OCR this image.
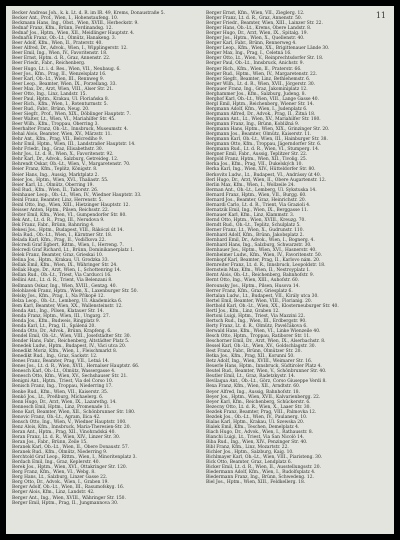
11
Becker Andreas Joh., k. k. Lt. d. R. im IR. 49, Krems, Donaustraße 5.
Becker Ant., Prof., Wien, I., Hohenstaufeng. 10.
Beckmann Hans, Ing., Obst., Wien, XVIII., Herbeckstr. 9.
Bednař Franz, Kfm., Brünn, Ferdinandsg. 12.
Bednař Jos., Hptm., Wien, XII., Meidlinger Hauptstr. 4.
Bednařík Franz, Ob.-Lt., Olmütz, Hanakeng. 3.
Beer Adolf, Kfm., Wien, II., Praterstr. 40.
Beer Alfred, Dr., Advok., Wien, I., Wipplingerstr. 12.
Beer Emil, Ing., Wien, IV., Favoritenstr. 18.
Beer Ernst, Hptm. d. R., Graz, Annenstr. 22.
Beer Friedr., Fabr., Reichenberg.
Beer Hugo, Lt. i. d. Res., Wien, VII., Neubaug. 6.
Beer Jos., Kfm., Prag, II., Wenzelsplatz 16.
Beer Karl, Ob.-Lt., Wien, III., Rennweg 9.
Beer Leop., Beamter, Wien, IX., Porzellang. 33.
Beer Max, Dr., Arzt, Wien, VIII., Alser Str. 21.
Beer Otto, Ing., Linz, Landstr. 15.
Beer Paul, Hptm., Krakau, Ul. Floriańska 8.
Beer Rich., Kfm., Wien, I., Rotenturmstr. 5.
Beer Rud., Fabr., Brünn, Neug. 20.
Beer Siegfr., Prof., Wien, XIX., Döblinger Hauptstr. 7.
Beer Walter, Lt., Wien, VI., Mariahilfer Str. 45.
Beer Wilh., Kfm., Troppau, Oberring 3.
Beerhalter Franz, Ob.-Lt., Innsbruck, Museumstr. 4.
Behal Alois, Beamter, Wien, XV., Märzstr. 11.
Behr Ant., Kfm., Prag, VII., Belcrediho 9.
Behr Emil, Hptm., Wien, III., Landstraßer Hauptstr. 14.
Behr Friedr., Ing., Graz, Elisabethstr. 30.
Behr Jos., Lt. d. R., Wien, X., Favoritenstr. 92.
Behr Karl, Dr., Advok., Salzburg, Getreideg. 12.
Behrendt Oskar, Ob.-Lt., Wien, V., Margaretenstr. 70.
Beier Franz, Kfm., Teplitz, Königstr. 8.
Beier Hans, Ing., Aussig, Marktplatz 2.
Beier Jos., Hptm., Wien, XVI., Thaliastr. 55.
Beier Karl, Lt., Olmütz, Oberring 19.
Beil Rud., Kfm., Wien, II., Taborstr. 26.
Beinhauer Leop., Ob.-Lt., Wien, IV., Wiedner Hauptstr. 33.
Beinl Franz, Beamter, Linz, Herrenstr. 5.
Beinl Otto, Ing., Wien, XIII., Hietzinger Hauptstr. 12.
Beisser Anton, Hptm., Pilsen, Reichsstr. 22.
Beiter Emil, Kfm., Wien, VI., Gumpendorfer Str. 80.
Bek Ant., Lt. d. R., Prag, III., Nerudova 9.
Bek Franz, Fabr., Brünn, Bahnring 4.
Bekesi Jos., Hptm., Budapest, VIII., Rákóczi út 14.
Bela Rud., Ob.-Lt., Wien, I., Kärntner Str. 18.
Belada Karl, Kfm., Prag, II., Vodičkova 22.
Belcredi Graf Egbert, Rittm., Wien, I., Herreng. 7.
Belcredi Graf Richard, Lt., Brünn, Dominikanerplatz 1.
Belek Franz, Beamter, Graz, Grieskai 10.
Belina Jos., Hptm., Krakau, Ul. Grodzka 33.
Bellak Emil, Kfm., Wien, IX., Währinger Str. 24.
Bellak Hugo, Dr., Arzt, Wien, I., Schottenring 14.
Bellan Rud., Ob.-Lt., Triest, Via Carducci 16.
Bellini Ant., Lt. d. R., Trient, Via Belenzani 8.
Bellmann Oskar, Ing., Wien, XVIII., Gentzg. 40.
Belohlavek Franz, Hptm., Wien, X., Laxenburger Str. 50.
Belsky Jos., Kfm., Prag, I., Na Příkopě 12.
Belza Leop., Ob.-Lt., Lemberg, Ul. Akademicka 6.
Bem Karl, Beamter, Wien, XX., Wallensteinstr. 12.
Benda Ant., Ing., Pilsen, Klatauer Str. 14.
Benda Franz, Hptm., Wien, III., Ungarg. 27.
Benda Jos., Kfm., Budweis, Ringplatz 9.
Benda Karl, Lt., Prag, II., Spálená 20.
Benda Otto, Dr., Advok., Brünn, Krapfeng. 6.
Bendel Emil, Ob.-Lt., Wien, VIII., Josefstädter Str. 30.
Bender Hans, Fabr., Reichenberg, Altstädter Platz 5.
Benedek Ludw., Hptm., Budapest, IV., Váci utca 20.
Benedikt Moriz, Kfm., Wien, I., Fleischmarkt 8.
Benedikt Rud., Ing., Graz, Sackstr. 12.
Benes Franz, Beamter, Prag, VII., Letná 14.
Benes Jos., Lt. d. R., Wien, XVII., Hernalser Hauptstr. 66.
Benesch Karl, Ob.-Lt., Olmütz, Wassergasse 4.
Benesch Otto, Kfm., Wien, XV., Sechshauser Str. 21.
Benigni Ant., Hptm., Triest, Via del Corso 10.
Benisch Franz, Ing., Troppau, Niederring 17.
Benke Rud., Kfm., Wien, VII., Kaiserstr. 35.
Benkö Jos., Lt., Preßburg, Michaelerg. 6.
Benn Hugo, Dr., Arzt, Wien, IX., Lazarethg. 14.
Bennesch Emil, Hptm., Linz, Promenade 11.
Beno Karl, Beamter, Wien, XII., Schönbrunner Str. 180.
Benovic Franz, Ob.-Lt., Agram, Ilica 42.
Bensch Otto, Ing., Wien, V., Wiedner Hauptstr. 100.
Benz Alois, Kfm., Innsbruck, Maria-Theresien-Str. 20.
Beran Ant., Hptm., Prag, XII., Vinohradská 40.
Beran Franz, Lt. d. R., Wien, XIV., Linzer Str. 30.
Beran Jos., Fabr., Brünn, Zeile 15.
Beranek Karl, Ob.-Lt., Wien, II., Obere Donaustr. 57.
Beranek Rud., Kfm., Olmütz, Niederring 9.
Berchtold Graf Leop., Rittm., Wien, I., Minoritenplatz 3.
Berdach Emil, Ing., Graz, Keplerstr. 40.
Berek Jos., Hptm., Wien, XVI., Ottakringer Str. 120.
Berg Franz, Kfm., Wien, VI., Webg. 8.
Berg Hans, Lt., Salzburg, Linzer Gasse 22.
Berg Otto, Dr., Advok., Wien, I., Graben 19.
Berger Adolf, Ob.-Lt., Wien, III., Rasumofskyg. 16.
Berger Alois, Kfm., Linz, Landstr. 42.
Berger Ant., Ing., Wien, XVIII., Währinger Str. 150.
Berger Emil, Hptm., Prag, II., Jungmannova 30.
Berger Ernst, Kfm., Wien, VII., Zieglerg. 12.
Berger Franz, Lt. d. R., Graz, Annenstr. 50.
Berger Friedr., Beamter, Wien, XIII., Lainzer Str. 22.
Berger Hans, Ob.-Lt., Krems, Obere Landstr. 8.
Berger Hugo, Dr., Arzt, Wien, IX., Spitalg. 19.
Berger Jos., Hptm., Wien, X., Quellenstr. 40.
Berger Karl, Fabr., Brünn, Rennerweg 4.
Berger Leop., Kfm., Wien, XX., Brigittenauer Lände 30.
Berger Max, Ing., Prag, I., Celetná 16.
Berger Otto, Lt., Wien, V., Reinprechtsdorfer Str. 18.
Berger Paul, Ob.-Lt., Innsbruck, Anichstr. 9.
Berger Rich., Kfm., Wien, II., Praterstr. 66.
Berger Rud., Hptm., Wien, IV., Margaretenstr. 22.
Berger Siegfr., Beamter, Linz, Bethlehemstr. 6.
Berger Wilh., Lt. d. R., Wien, XVII., Jörgerstr. 30.
Bergauer Franz, Ing., Graz, Jakominiplatz 12.
Berghammer Jos., Kfm., Salzburg, Judeng. 8.
Berghof Karl, Ob.-Lt., Wien, VIII., Lange Gasse 40.
Bergl Emil, Hptm., Reichenberg, Wiener Str. 14.
Bergmann Adolf, Kfm., Wien, I., Judenplatz 6.
Bergmann Alfred, Dr., Advok., Prag, II., Žitná 18.
Bergmann Ant., Lt., Wien, XV., Mariahilfer Str. 180.
Bergmann Franz, Ing., Brünn, Kobližná 9.
Bergmann Hans, Hptm., Wien, XIX., Grinzinger Str. 20.
Bergmann Jos., Beamter, Olmütz, Kaiserstr. 11.
Bergmann Karl, Ob.-Lt., Wien, III., Hainburger Str. 38.
Bergmann Otto, Kfm., Troppau, Jägerndorfer Str. 6.
Bergmann Rud., Lt. d. R., Wien, VI., Stumperg. 14.
Bergner Emil, Fabr., Aussig, Teplitzer Str. 22.
Bergold Franz, Hptm., Wien, XII., Tivolig. 25.
Berka Jos., Kfm., Prag, VII., Dukelských 10.
Berka Karl, Ing., Wien, XIV., Hütteldorfer Str. 80.
Berkovits Ludw., Lt., Budapest, VI., Andrássy út 40.
Berl Hugo, Dr., Arzt, Wien, II., Obere Augartenstr. 12.
Berlin Max, Kfm., Wien, I., Wollzeile 24.
Berman Ant., Ob.-Lt., Lemberg, Ul. Sykstuska 14.
Bernard Franz, Hptm., Wien, VII., Burgg. 60.
Bernard Jos., Beamter, Graz, Heinrichstr. 20.
Bernardi Carlo, Lt. d. R., Trient, Via Grazioli 4.
Bernatzik Emil, Ing., Wien, IX., Berggasse 11.
Bernauer Karl, Kfm., Linz, Klammstr. 3.
Bernd Otto, Hptm., Wien, XVIII., Kreuzg. 70.
Berndt Rud., Ob.-Lt., Teplitz, Schulplatz 5.
Berner Franz, Lt., Wien, X., Gudrunstr. 110.
Bernhard Adolf, Kfm., Brünn, Jakobsplatz 2.
Bernhard Emil, Dr., Advok., Wien, I., Bognerg. 4.
Bernhard Hans, Ing., Salzburg, Schwarzstr. 30.
Bernhauer Jos., Hptm., Wien, XVI., Hasnerstr. 40.
Bernheimer Ludw., Kfm., Wien, IV., Favoritenstr. 50.
Bernkopf Karl, Beamter, Prag, II., Karlovo nám. 20.
Bernreiter Franz, Lt. d. R., Innsbruck, Leopoldstr. 18.
Bernstein Max, Kfm., Wien, II., Nestroyplatz 1.
Bernt Alois, Ob.-Lt., Reichenberg, Bahnhofstr. 9.
Bernt Otto, Ing., Wien, XIII., Auhofstr. 60.
Berounsky Jos., Hptm., Pilsen, Husova 14.
Berrer Franz, Kfm., Graz, Griesplatz 6.
Bertalan Ludw., Lt., Budapest, VII., Király utca 30.
Bertel Emil, Beamter, Wien, VIII., Florianig. 20.
Berthold Karl, Ob.-Lt., Wien, XX., Klosterneuburger Str. 40.
Bertl Jos., Kfm., Linz, Graben 12.
Bertoni Luigi, Hptm., Triest, Via Mazzini 22.
Bertsch Rud., Ing., Wien, III., Erdbergstr. 90.
Berty Franz, Lt. d. R., Olmütz, Pavelčákova 6.
Berwald Hans, Kfm., Wien, VI., Linke Wienzeile 40.
Besch Otto, Hptm., Troppau, Ratiborer Str. 11.
Beschorner Emil, Dr., Arzt, Wien, IX., Alserbachstr. 8.
Bessel Karl, Ob.-Lt., Wien, XV., Goldschlagstr. 30.
Best Franz, Fabr., Brünn, Olmützer Str. 20.
Betka Jos., Kfm., Prag, XII., Korunní 50.
Betz Adolf, Ing., Wien, XVIII., Weimarer Str. 16.
Beuerle Hans, Hptm., Innsbruck, Südtiroler Platz 4.
Beutel Rud., Beamter, Wien, V., Schönbrunner Str. 40.
Beutler Emil, Lt., Graz, Radetzkystr. 14.
Bevilaqua Ant., Ob.-Lt., Görz, Corso Giuseppe Verdi 8.
Bexa Franz, Kfm., Wien, XII., Arndtstr. 60.
Beyer Alfred, Ing., Aussig, Bahnhofstr. 18.
Beyer Jos., Hptm., Wien, XVII., Kalvarienbergg. 22.
Beyer Karl, Kfm., Reichenberg, Schückerstr. 6.
Bezecny Otto, Lt. d. R., Wien, X., Laaer Str. 30.
Bezdek Franz, Beamter, Prag, VIII., Palmovka 12.
Bezdek Jos., Ob.-Lt., Wien, IV., Paulanerg. 10.
Bialas Karl, Hptm., Krakau, Ul. Szewska 20.
Bialek Emil, Kfm., Teschen, Demelplatz 4.
Biach Hugo, Dr., Advok., Wien, I., Rathausstr. 8.
Bianchi Luigi, Lt., Triest, Via San Nicolò 14.
Biba Rud., Ing., Wien, XIV., Penzinger Str. 40.
Bibl Franz, Kfm., Linz, Mozartstr. 22.
Bichler Jos., Hptm., Salzburg, Kaig. 10.
Bichlmayer Karl, Ob.-Lt., Wien, VIII., Piaristeng. 30.
Bick Otto, Beamter, Graz, Lendplatz 6.
Bicker Emil, Lt. d. R., Wien, II., Ausstellungsstr. 20.
Biedermann Adolf, Kfm., Wien, I., Rudolfsplatz 4.
Biedermann Franz, Ing., Brünn, Schwedeng. 12.
Biel Jos., Hptm., Wien, XIII., Feldkellerg. 18.
